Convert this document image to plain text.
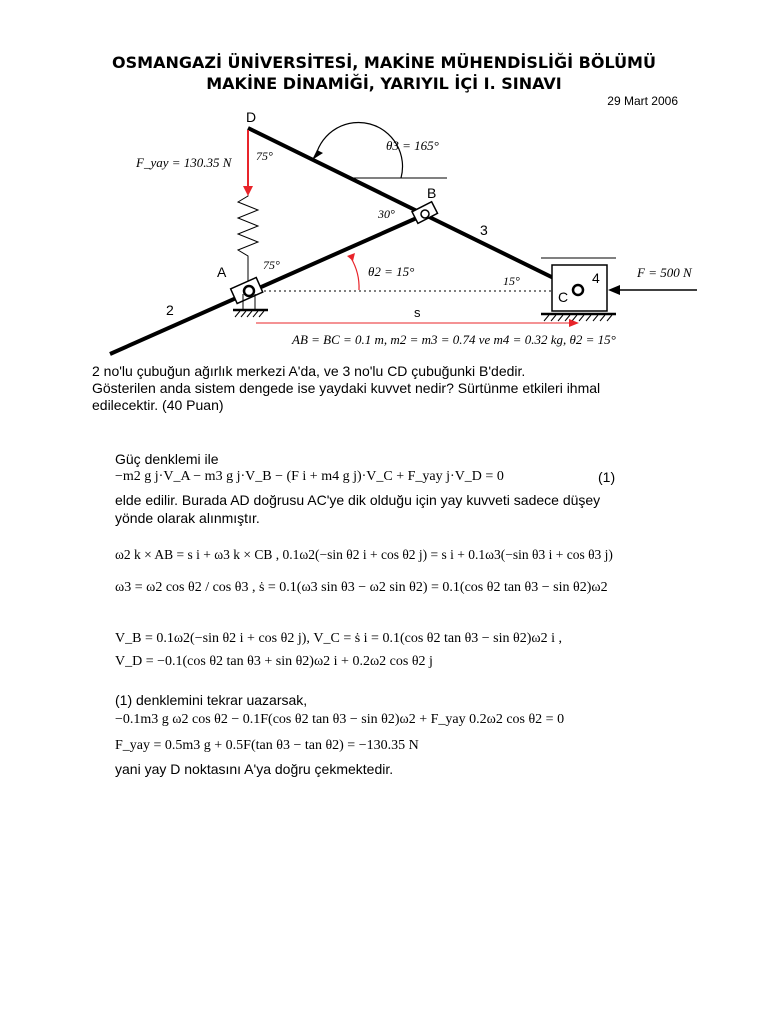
OSMANGAZİ ÜNİVERSİTESİ, MAKİNE MÜHENDİSLİĞİ BÖLÜMÜ
MAKİNE DİNAMİĞİ, YARIYIL İÇİ I. SINAVI
29 Mart 2006
D
B
A
C
2
3
4
F_yay = 130.35 N
θ3 = 165°
θ2 = 15°
75°
75°
30°
15°
s
F = 500 N
AB = BC = 0.1 m, m2 = m3 = 0.74 ve m4 = 0.32 kg, θ2 = 15°
2 no'lu çubuğun ağırlık merkezi A'da, ve 3 no'lu CD çubuğunki B'dedir.
Gösterilen anda sistem dengede ise yaydaki kuvvet nedir? Sürtünme etkileri ihmal
edilecektir. (40 Puan)
Güç denklemi ile
−m2 g j·V_A − m3 g j·V_B − (F i + m4 g j)·V_C + F_yay j·V_D = 0	(1)
elde edilir. Burada AD doğrusu AC'ye dik olduğu için yay kuvveti sadece düşey
yönde olarak alınmıştır.
ω2 k × AB = s i + ω3 k × CB , 0.1ω2(−sin θ2 i + cos θ2 j) = s i + 0.1ω3(−sin θ3 i + cos θ3 j)
ω3 = ω2 cos θ2 / cos θ3 , ṡ = 0.1(ω3 sin θ3 − ω2 sin θ2) = 0.1(cos θ2 tan θ3 − sin θ2)ω2
V_B = 0.1ω2(−sin θ2 i + cos θ2 j), V_C = ṡ i = 0.1(cos θ2 tan θ3 − sin θ2)ω2 i ,
V_D = −0.1(cos θ2 tan θ3 + sin θ2)ω2 i + 0.2ω2 cos θ2 j
(1) denklemini tekrar uazarsak,
−0.1m3 g ω2 cos θ2 − 0.1F(cos θ2 tan θ3 − sin θ2)ω2 + F_yay 0.2ω2 cos θ2 = 0
F_yay = 0.5m3 g + 0.5F(tan θ3 − tan θ2) = −130.35 N
yani yay D noktasını A'ya doğru çekmektedir.
